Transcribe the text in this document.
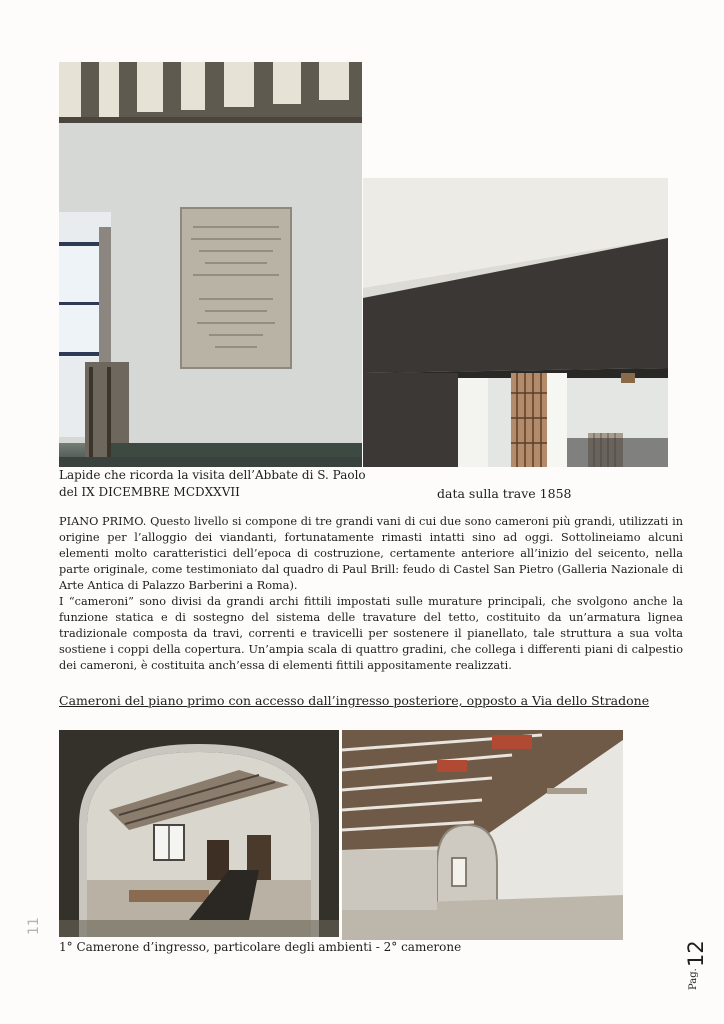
Lapide che ricorda la visita dell’Abbate di S. Paolo
del IX DICEMBRE MCDXXVII	data sulla trave 1858

PIANO PRIMO. Questo livello si compone di tre grandi vani di cui due sono cameroni più grandi, utilizzati in origine per l’alloggio dei viandanti, fortunatamente rimasti intatti sino ad oggi. Sottolineiamo alcuni elementi molto caratteristici dell’epoca di costruzione, certamente anteriore all’inizio del seicento, nella parte originale, come testimoniato dal quadro di Paul Brill: feudo di Castel San Pietro (Galleria Nazionale di Arte Antica di Palazzo Barberini a Roma).

I “cameroni” sono divisi da grandi archi fittili impostati sulle murature principali, che svolgono anche la funzione statica e di sostegno del sistema delle travature del tetto, costituito da un’armatura lignea tradizionale composta da travi, correnti e travicelli per sostenere il pianellato, tale struttura a sua volta sostiene i coppi della copertura. Un’ampia scala di quattro gradini, che collega i differenti piani di calpestio dei cameroni, è costituita anch’essa di elementi fittili appositamente realizzati.

Cameroni del piano primo con accesso dall’ingresso posteriore, opposto a Via dello Stradone
1° Camerone d’ingresso, particolare degli ambienti - 2° camerone
Pag.
12
11
